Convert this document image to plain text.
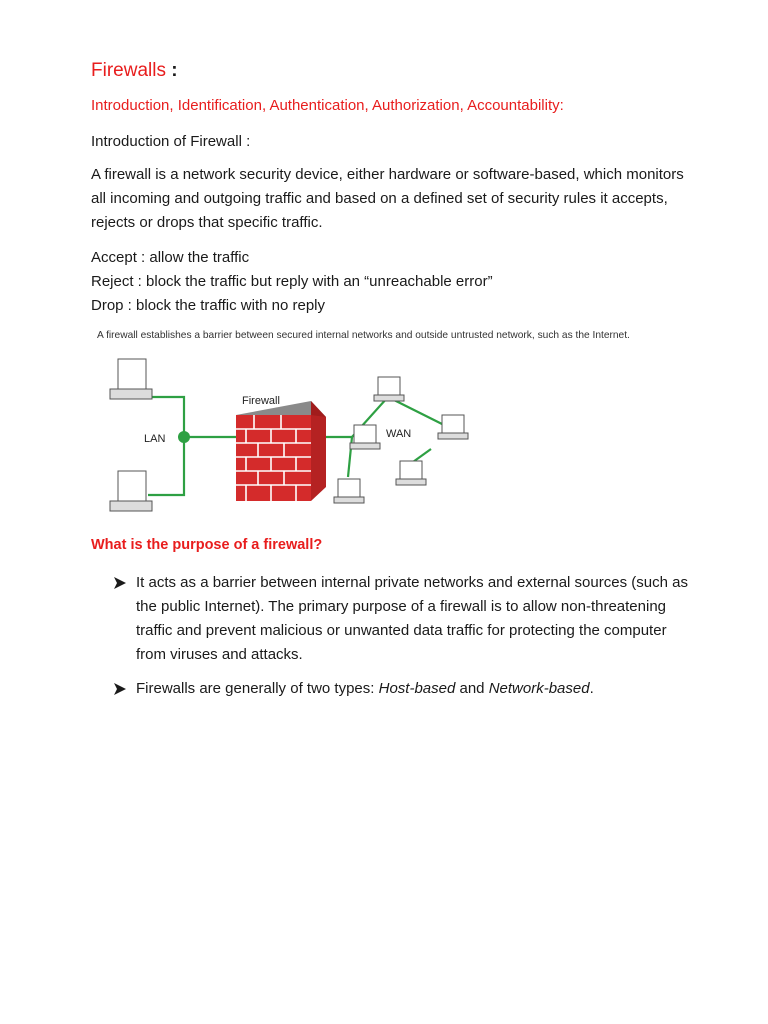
Firewalls :
Introduction, Identification, Authentication, Authorization, Accountability:
Introduction of Firewall :
A firewall is a network security device, either hardware or software-based, which monitors all incoming and outgoing traffic and based on a defined set of security rules it accepts, rejects or drops that specific traffic.
Accept : allow the traffic
Reject : block the traffic but reply with an “unreachable error”
Drop : block the traffic with no reply
A firewall establishes a barrier between secured internal networks and outside untrusted network, such as the Internet.
LAN
Firewall
WAN
What is the purpose of a firewall?
It acts as a barrier between internal private networks and external sources (such as the public Internet). The primary purpose of a firewall is to allow non-threatening traffic and prevent malicious or unwanted data traffic for protecting the computer from viruses and attacks.
Firewalls are generally of two types: Host-based and Network-based.
